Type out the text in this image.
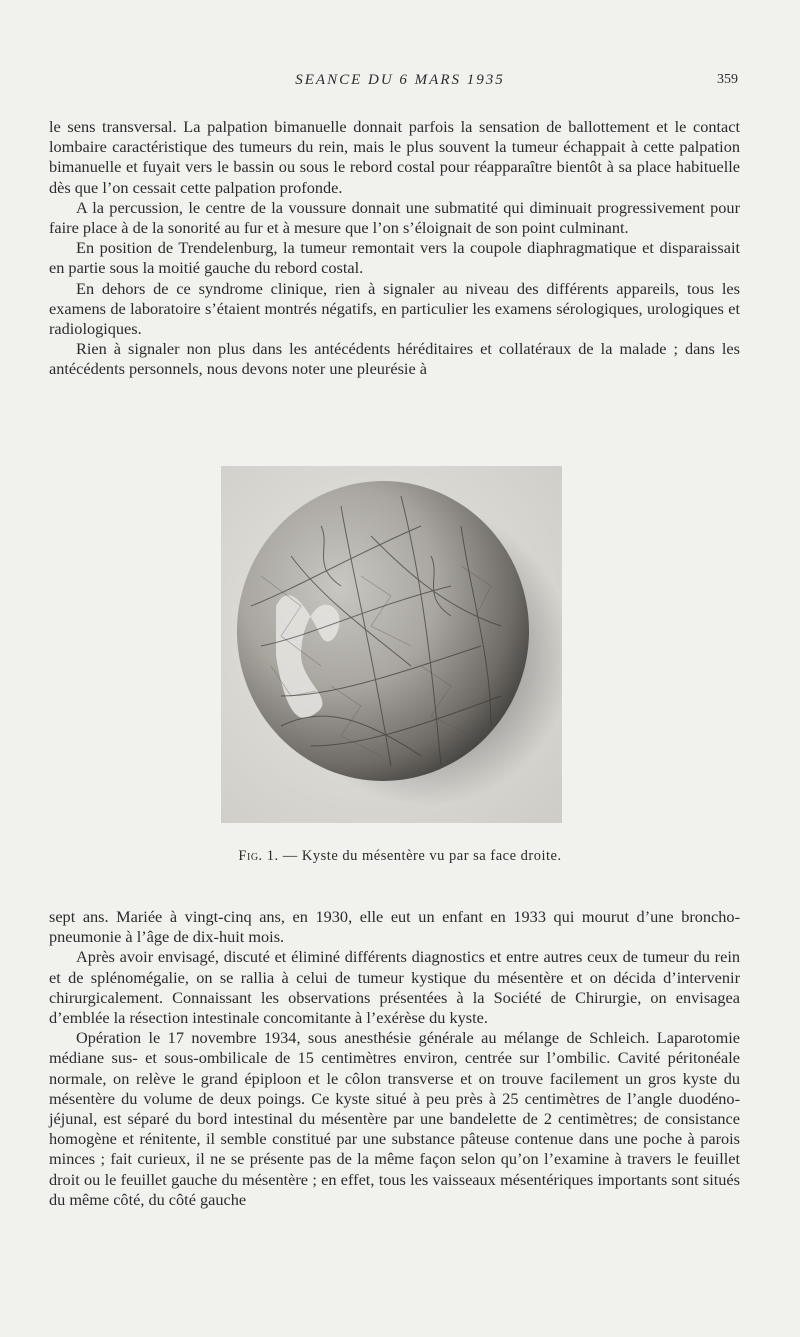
SEANCE DU 6 MARS 1935	359

le sens transversal. La palpation bimanuelle donnait parfois la sensation de ballottement et le contact lombaire caractéristique des tumeurs du rein, mais le plus souvent la tumeur échappait à cette palpation bimanuelle et fuyait vers le bassin ou sous le rebord costal pour réapparaître bientôt à sa place habituelle dès que l’on cessait cette palpation profonde.

A la percussion, le centre de la voussure donnait une submatité qui diminuait progressivement pour faire place à de la sonorité au fur et à mesure que l’on s’éloignait de son point culminant.

En position de Trendelenburg, la tumeur remontait vers la coupole diaphragmatique et disparaissait en partie sous la moitié gauche du rebord costal.

En dehors de ce syndrome clinique, rien à signaler au niveau des différents appareils, tous les examens de laboratoire s’étaient montrés négatifs, en particulier les examens sérologiques, urologiques et radiologiques.

Rien à signaler non plus dans les antécédents héréditaires et collatéraux de la malade ; dans les antécédents personnels, nous devons noter une pleurésie à

Fig. 1. — Kyste du mésentère vu par sa face droite.

sept ans. Mariée à vingt-cinq ans, en 1930, elle eut un enfant en 1933 qui mourut d’une broncho-pneumonie à l’âge de dix-huit mois.

Après avoir envisagé, discuté et éliminé différents diagnostics et entre autres ceux de tumeur du rein et de splénomégalie, on se rallia à celui de tumeur kystique du mésentère et on décida d’intervenir chirurgicalement. Connaissant les observations présentées à la Société de Chirurgie, on envisagea d’emblée la résection intestinale concomitante à l’exérèse du kyste.

Opération le 17 novembre 1934, sous anesthésie générale au mélange de Schleich. Laparotomie médiane sus- et sous-ombilicale de 15 centimètres environ, centrée sur l’ombilic. Cavité péritonéale normale, on relève le grand épiploon et le côlon transverse et on trouve facilement un gros kyste du mésentère du volume de deux poings. Ce kyste situé à peu près à 25 centimètres de l’angle duodéno-jéjunal, est séparé du bord intestinal du mésentère par une bandelette de 2 centimètres; de consistance homogène et rénitente, il semble constitué par une substance pâteuse contenue dans une poche à parois minces ; fait curieux, il ne se présente pas de la même façon selon qu’on l’examine à travers le feuillet droit ou le feuillet gauche du mésentère ; en effet, tous les vaisseaux mésentériques importants sont situés du même côté, du côté gauche
